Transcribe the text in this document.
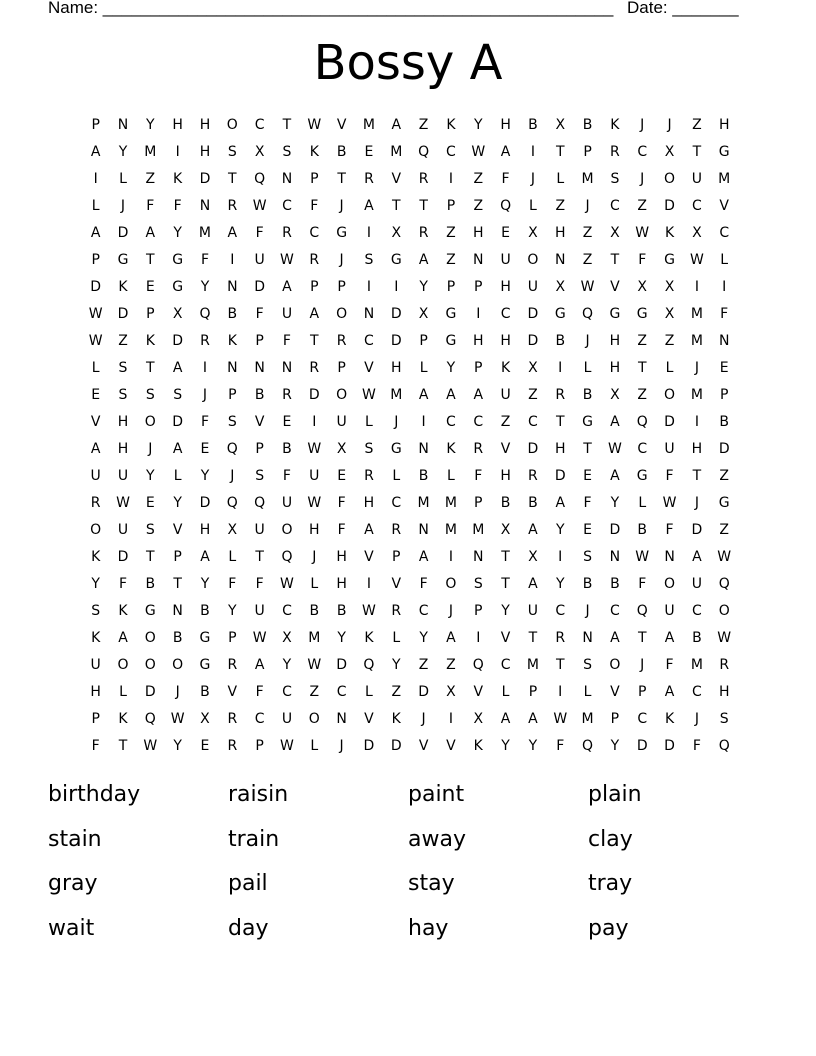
Name: ______________________________________________________ Date: _______
Bossy A
P	N	Y	H	H	O	C	T	W	V	M	A	Z	K	Y	H	B	X	B	K	J	J	Z	H
A	Y	M	I	H	S	X	S	K	B	E	M	Q	C	W	A	I	T	P	R	C	X	T	G
I	L	Z	K	D	T	Q	N	P	T	R	V	R	I	Z	F	J	L	M	S	J	O	U	M
L	J	F	F	N	R	W	C	F	J	A	T	T	P	Z	Q	L	Z	J	C	Z	D	C	V
A	D	A	Y	M	A	F	R	C	G	I	X	R	Z	H	E	X	H	Z	X	W	K	X	C
P	G	T	G	F	I	U	W	R	J	S	G	A	Z	N	U	O	N	Z	T	F	G	W	L
D	K	E	G	Y	N	D	A	P	P	I	I	Y	P	P	H	U	X	W	V	X	X	I	I
W	D	P	X	Q	B	F	U	A	O	N	D	X	G	I	C	D	G	Q	G	G	X	M	F
W	Z	K	D	R	K	P	F	T	R	C	D	P	G	H	H	D	B	J	H	Z	Z	M	N
L	S	T	A	I	N	N	N	R	P	V	H	L	Y	P	K	X	I	L	H	T	L	J	E
E	S	S	S	J	P	B	R	D	O	W	M	A	A	A	U	Z	R	B	X	Z	O	M	P
V	H	O	D	F	S	V	E	I	U	L	J	I	C	C	Z	C	T	G	A	Q	D	I	B
A	H	J	A	E	Q	P	B	W	X	S	G	N	K	R	V	D	H	T	W	C	U	H	D
U	U	Y	L	Y	J	S	F	U	E	R	L	B	L	F	H	R	D	E	A	G	F	T	Z
R	W	E	Y	D	Q	Q	U	W	F	H	C	M	M	P	B	B	A	F	Y	L	W	J	G
O	U	S	V	H	X	U	O	H	F	A	R	N	M	M	X	A	Y	E	D	B	F	D	Z
K	D	T	P	A	L	T	Q	J	H	V	P	A	I	N	T	X	I	S	N	W	N	A	W
Y	F	B	T	Y	F	F	W	L	H	I	V	F	O	S	T	A	Y	B	B	F	O	U	Q
S	K	G	N	B	Y	U	C	B	B	W	R	C	J	P	Y	U	C	J	C	Q	U	C	O
K	A	O	B	G	P	W	X	M	Y	K	L	Y	A	I	V	T	R	N	A	T	A	B	W
U	O	O	O	G	R	A	Y	W	D	Q	Y	Z	Z	Q	C	M	T	S	O	J	F	M	R
H	L	D	J	B	V	F	C	Z	C	L	Z	D	X	V	L	P	I	L	V	P	A	C	H
P	K	Q	W	X	R	C	U	O	N	V	K	J	I	X	A	A	W	M	P	C	K	J	S
F	T	W	Y	E	R	P	W	L	J	D	D	V	V	K	Y	Y	F	Q	Y	D	D	F	Q
birthday	raisin	paint	plain
stain	train	away	clay
gray	pail	stay	tray
wait	day	hay	pay
